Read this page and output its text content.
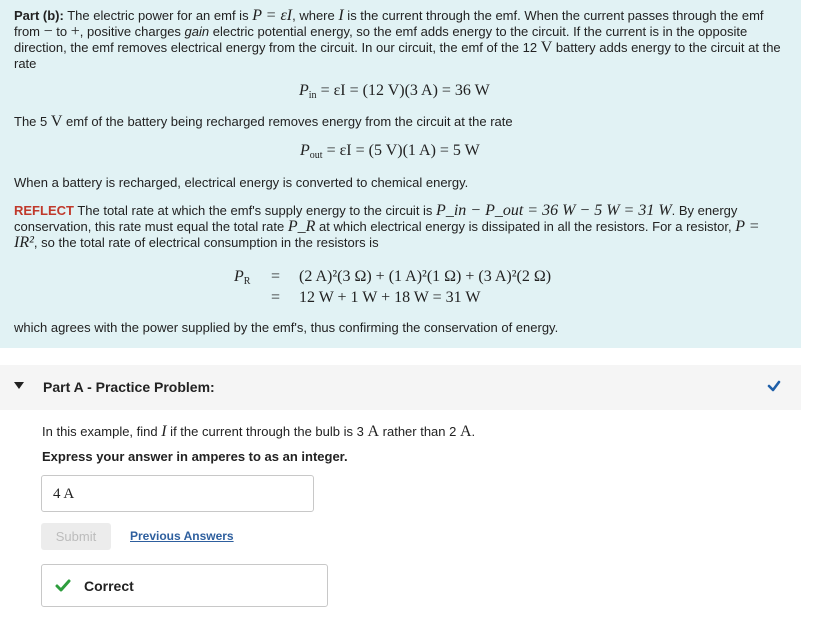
Part (b): The electric power for an emf is P = εI, where I is the current through the emf. When the current passes through the emf from − to +, positive charges gain electric potential energy, so the emf adds energy to the circuit. If the current is in the opposite direction, the emf removes electrical energy from the circuit. In our circuit, the emf of the 12 V battery adds energy to the circuit at the rate
$P_{in} = \varepsilon I = (12$ V)(3 A) = 36 W
The 5 V emf of the battery being recharged removes energy from the circuit at the rate
$P_{out} = \varepsilon I = (5$ V)(1 A) = 5 W
When a battery is recharged, electrical energy is converted to chemical energy.
REFLECT The total rate at which the emf's supply energy to the circuit is P_in − P_out = 36 W − 5 W = 31 W. By energy conservation, this rate must equal the total rate P_R at which electrical energy is dissipated in all the resistors. For a resistor, P = IR², so the total rate of electrical consumption in the resistors is
$P_R = (2$ A)²(3 Ω) + (1 A)²(1 Ω) + (3 A)²(2 Ω)
= 12 W + 1 W + 18 W = 31 W
which agrees with the power supplied by the emf's, thus confirming the conservation of energy.
Part A - Practice Problem:
In this example, find I if the current through the bulb is 3 A rather than 2 A.
Express your answer in amperes to as an integer.
4 A
Submit	Previous Answers
Correct
